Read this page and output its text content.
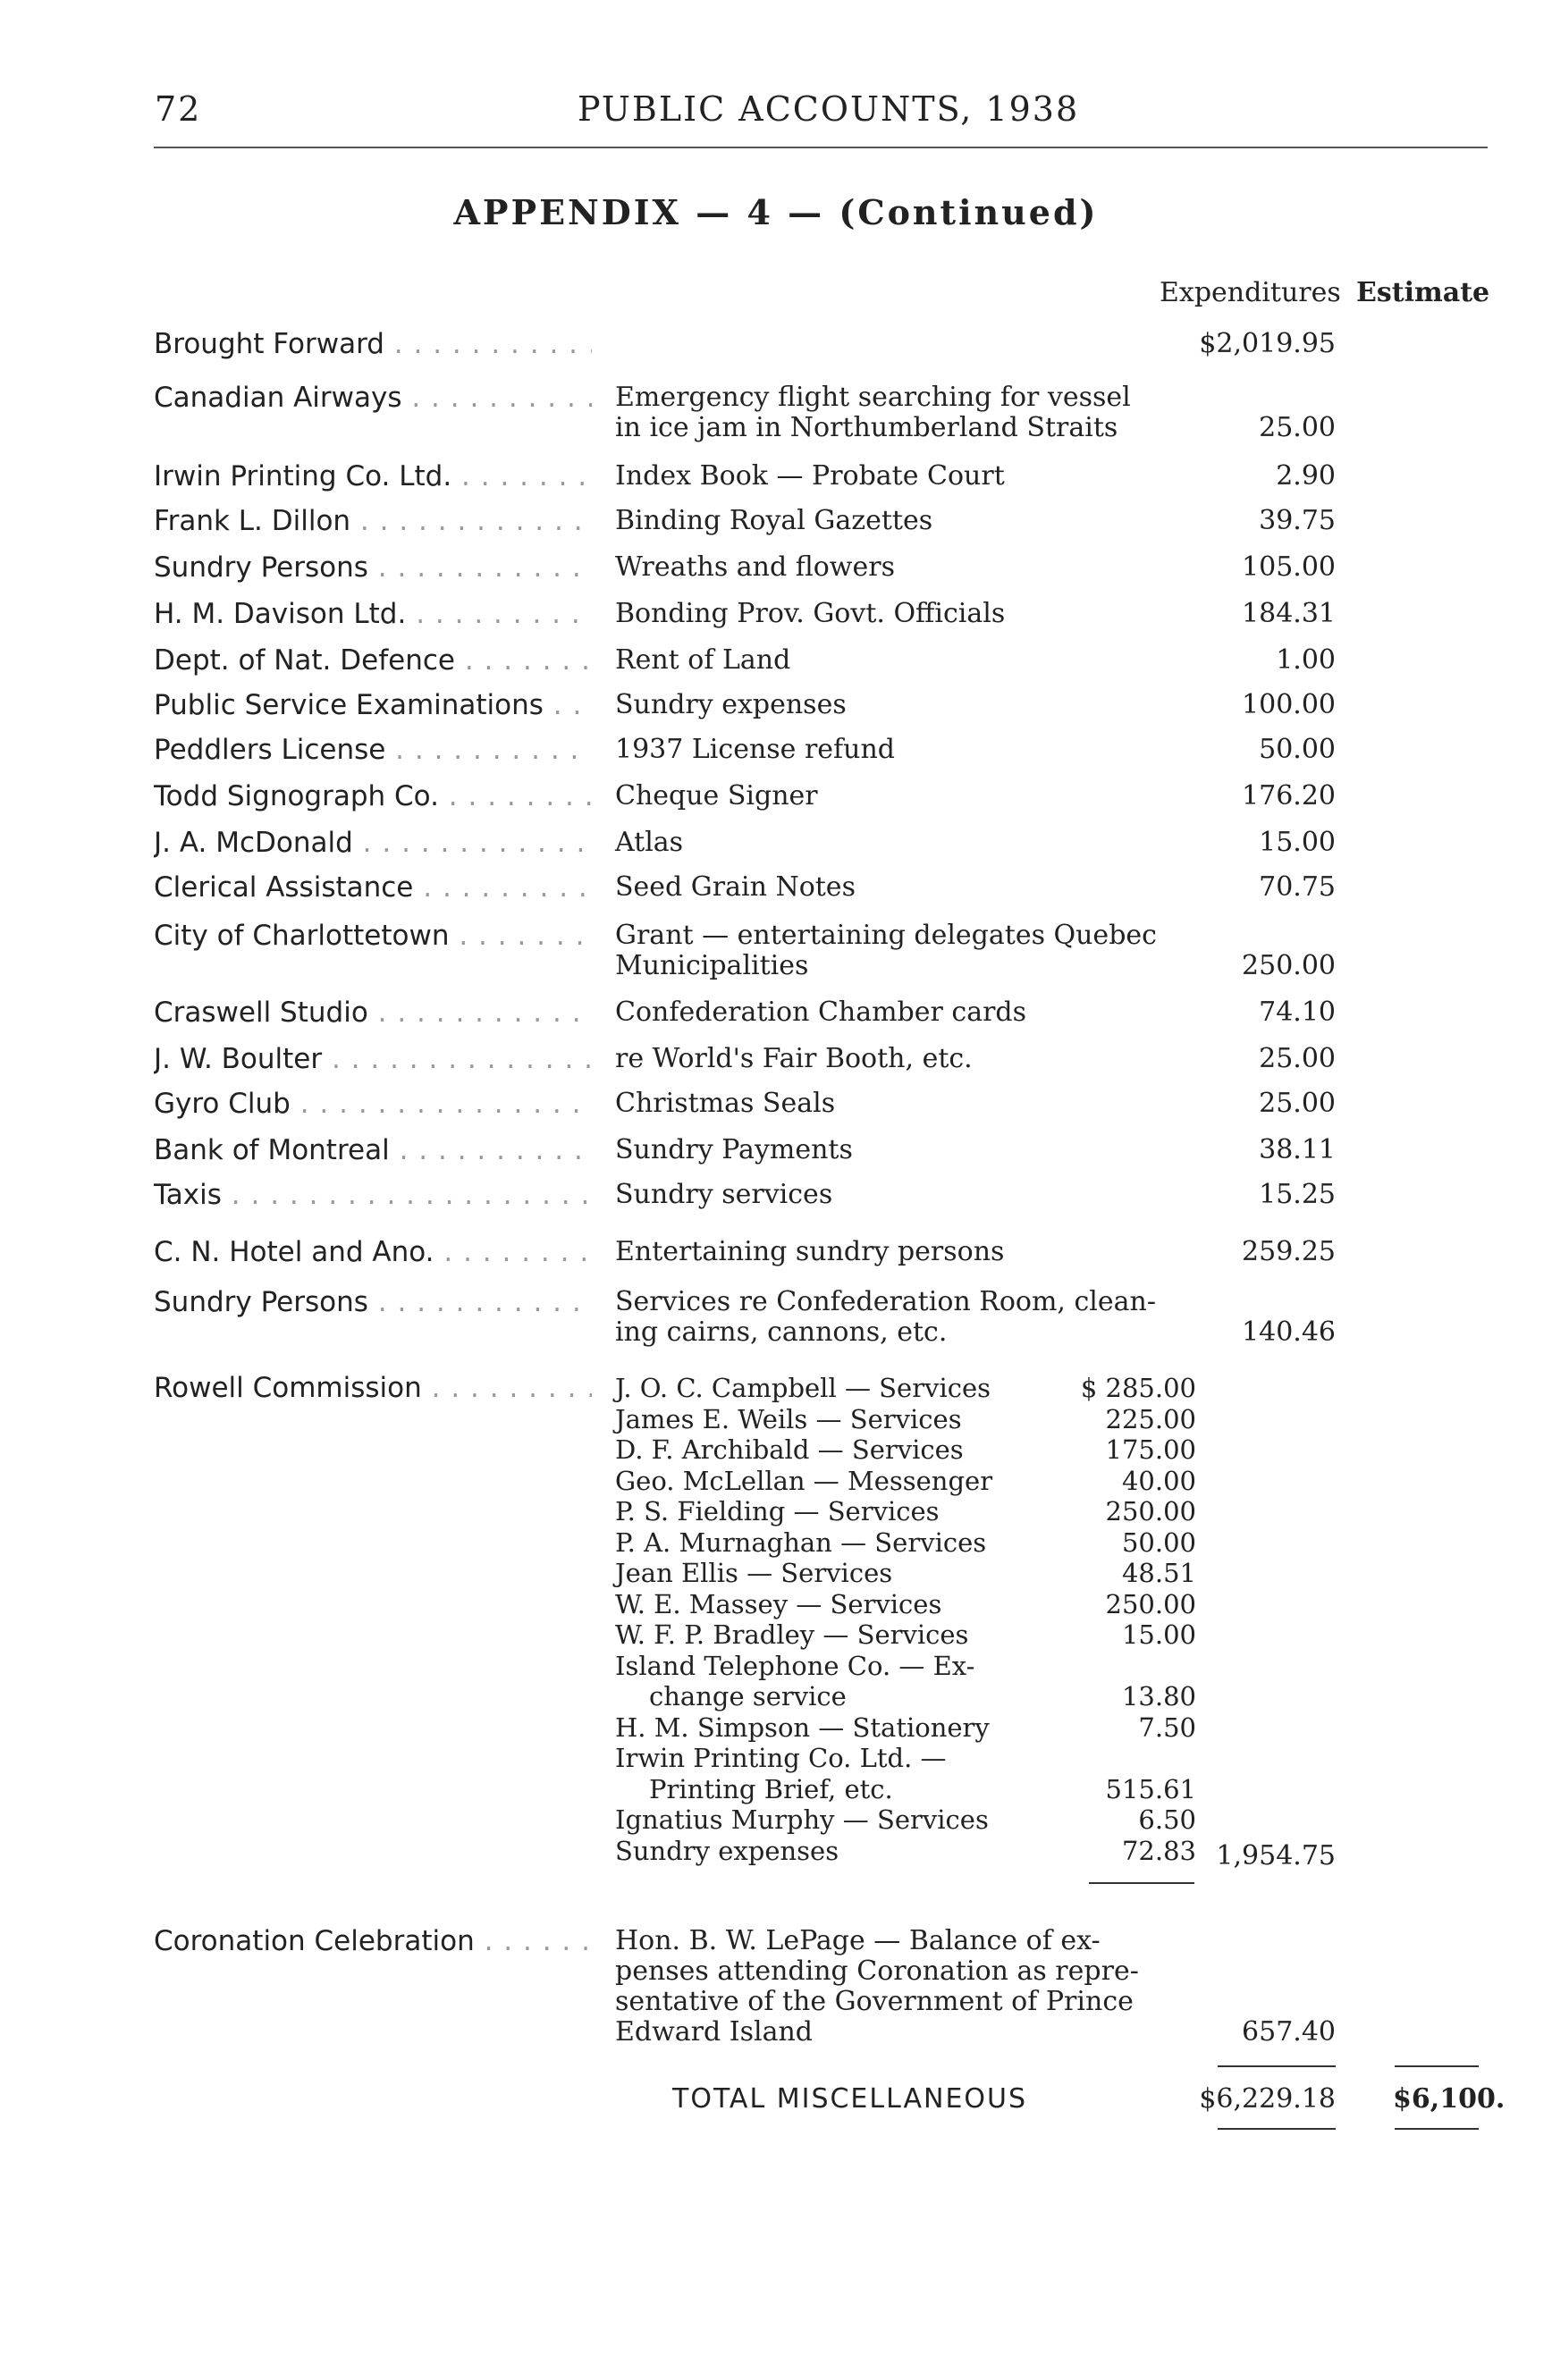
72	PUBLIC ACCOUNTS, 1938
APPENDIX — 4 — (Continued)
Expenditures Estimate
Brought Forward . . .	$2,019.95
Canadian Airways . . .	Emergency flight searching for vessel
in ice jam in Northumberland Straits	25.00
Irwin Printing Co. Ltd. . . .	Index Book — Probate Court	2.90
Frank L. Dillon . . .	Binding Royal Gazettes	39.75
Sundry Persons . . .	Wreaths and flowers	105.00
H. M. Davison Ltd. . . .	Bonding Prov. Govt. Officials	184.31
Dept. of Nat. Defence . . .	Rent of Land	1.00
Public Service Examinations . . .	Sundry expenses	100.00
Peddlers License . . .	1937 License refund	50.00
Todd Signograph Co. . . .	Cheque Signer	176.20
J. A. McDonald . . .	Atlas	15.00
Clerical Assistance . . .	Seed Grain Notes	70.75
City of Charlottetown . . .	Grant — entertaining delegates Quebec
Municipalities	250.00
Craswell Studio . . .	Confederation Chamber cards	74.10
J. W. Boulter . . .	re World's Fair Booth, etc.	25.00
Gyro Club . . .	Christmas Seals	25.00
Bank of Montreal . . .	Sundry Payments	38.11
Taxis . . .	Sundry services	15.25
C. N. Hotel and Ano. . . .	Entertaining sundry persons	259.25
Sundry Persons . . .	Services re Confederation Room, clean-
ing cairns, cannons, etc.	140.46
Rowell Commission . . .	J. O. C. Campbell — Services	$ 285.00
James E. Weils — Services	225.00
D. F. Archibald — Services	175.00
Geo. McLellan — Messenger	40.00
P. S. Fielding — Services	250.00
P. A. Murnaghan — Services	50.00
Jean Ellis — Services	48.51
W. E. Massey — Services	250.00
W. F. P. Bradley — Services	15.00
Island Telephone Co. — Ex-
change service	13.80
H. M. Simpson — Stationery	7.50
Irwin Printing Co. Ltd. —
Printing Brief, etc.	515.61
Ignatius Murphy — Services	6.50
Sundry expenses	72.83 1,954.75
Coronation Celebration . . .	Hon. B. W. LePage — Balance of ex-
penses attending Coronation as repre-
sentative of the Government of Prince
Edward Island	657.40
TOTAL MISCELLANEOUS	$6,229.18 $6,100.
